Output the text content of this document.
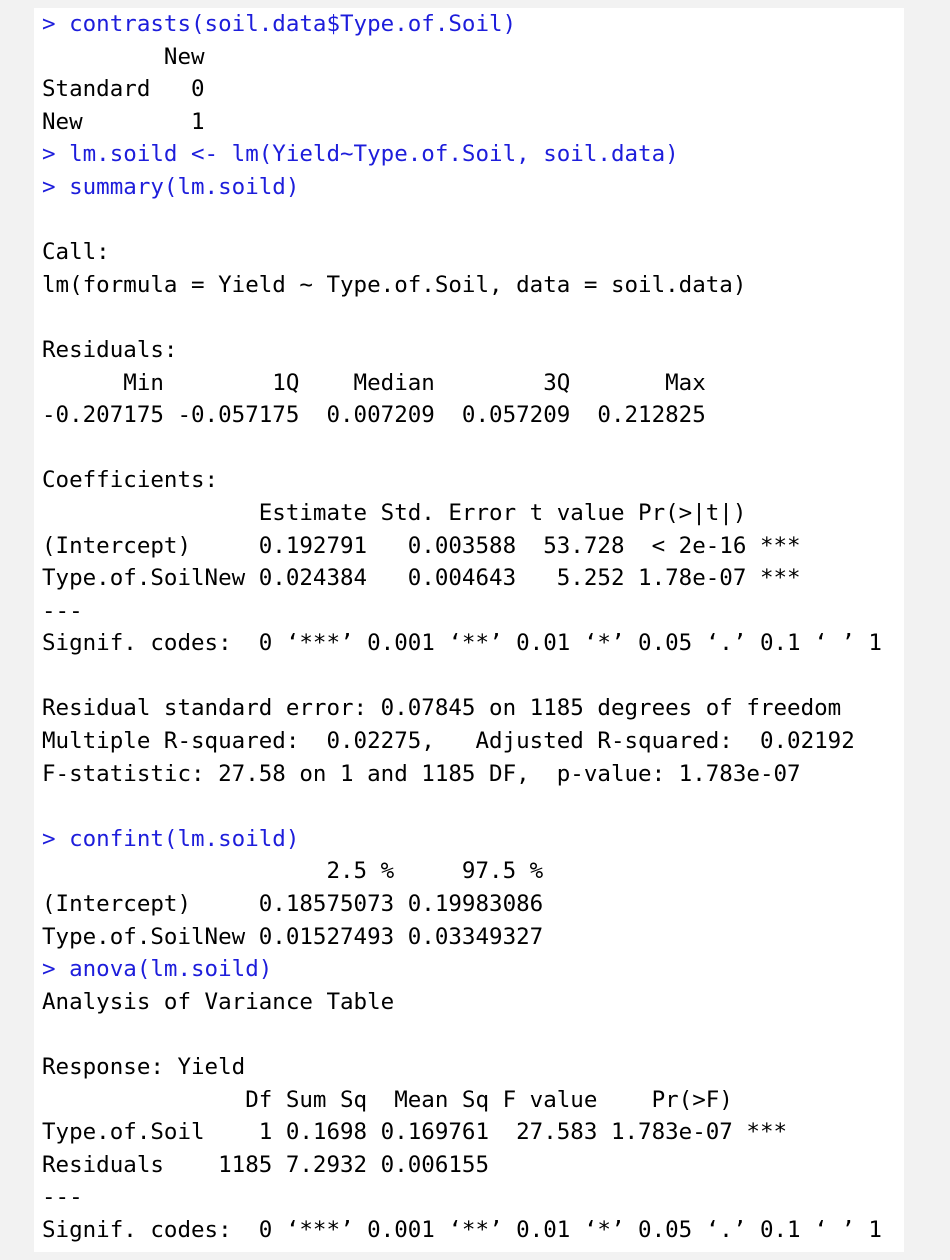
> contrasts(soil.data$Type.of.Soil)
New
Standard   0
New        1
> lm.soild <- lm(Yield~Type.of.Soil, soil.data)
> summary(lm.soild)
Call:
lm(formula = Yield ~ Type.of.Soil, data = soil.data)
Residuals:
Min        1Q    Median        3Q       Max
-0.207175 -0.057175  0.007209  0.057209  0.212825
Coefficients:
Estimate Std. Error t value Pr(>|t|)
(Intercept)     0.192791   0.003588  53.728  < 2e-16 ***
Type.of.SoilNew 0.024384   0.004643   5.252 1.78e-07 ***
---
Signif. codes:  0 ‘***’ 0.001 ‘**’ 0.01 ‘*’ 0.05 ‘.’ 0.1 ‘ ’ 1
Residual standard error: 0.07845 on 1185 degrees of freedom
Multiple R-squared:  0.02275,   Adjusted R-squared:  0.02192
F-statistic: 27.58 on 1 and 1185 DF,  p-value: 1.783e-07
> confint(lm.soild)
2.5 %     97.5 %
(Intercept)     0.18575073 0.19983086
Type.of.SoilNew 0.01527493 0.03349327
> anova(lm.soild)
Analysis of Variance Table
Response: Yield
Df Sum Sq  Mean Sq F value    Pr(>F)
Type.of.Soil    1 0.1698 0.169761  27.583 1.783e-07 ***
Residuals    1185 7.2932 0.006155
---
Signif. codes:  0 ‘***’ 0.001 ‘**’ 0.01 ‘*’ 0.05 ‘.’ 0.1 ‘ ’ 1
